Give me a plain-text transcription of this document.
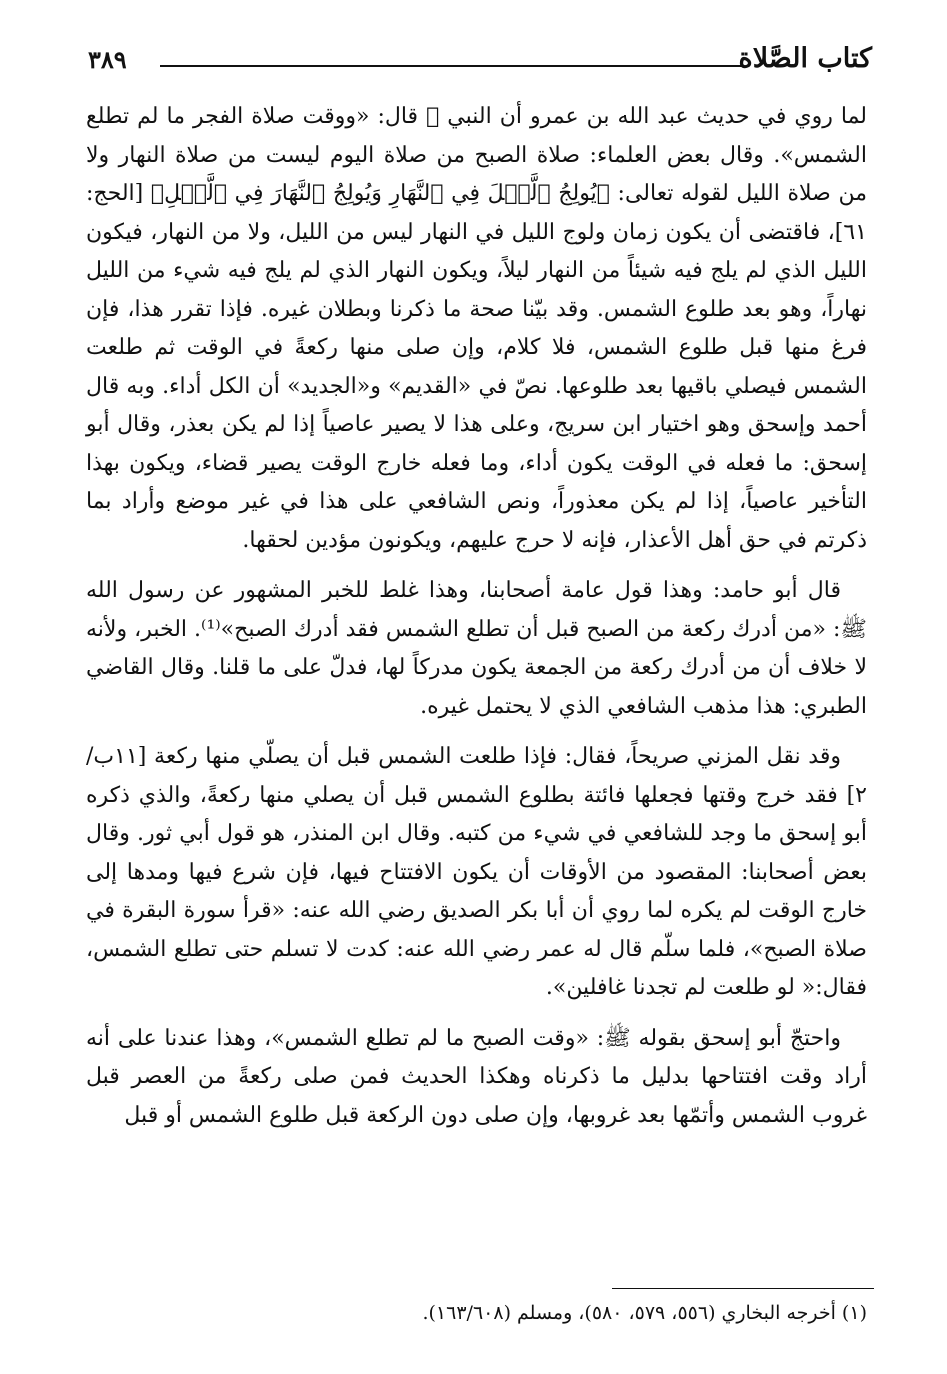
كتاب الصَّلاة
٣٨٩

لما روي في حديث عبد الله بن عمرو أن النبي ﷺ قال: «ووقت صلاة الفجر ما لم تطلع الشمس». وقال بعض العلماء: صلاة الصبح من صلاة اليوم ليست من صلاة النهار ولا من صلاة الليل لقوله تعالى: ﴿يُولِجُ ٱلَّيۡلَ فِي ٱلنَّهَارِ وَيُولِجُ ٱلنَّهَارَ فِي ٱلَّيۡلِ﴾ [الحج: ٦١]، فاقتضى أن يكون زمان ولوج الليل في النهار ليس من الليل، ولا من النهار، فيكون الليل الذي لم يلج فيه شيئاً من النهار ليلاً، ويكون النهار الذي لم يلج فيه شيء من الليل نهاراً، وهو بعد طلوع الشمس. وقد بيّنا صحة ما ذكرنا وبطلان غيره. فإذا تقرر هذا، فإن فرغ منها قبل طلوع الشمس، فلا كلام، وإن صلى منها ركعةً في الوقت ثم طلعت الشمس فيصلي باقيها بعد طلوعها. نصّ في «القديم» و«الجديد» أن الكل أداء. وبه قال أحمد وإسحق وهو اختيار ابن سريج، وعلى هذا لا يصير عاصياً إذا لم يكن بعذر، وقال أبو إسحق: ما فعله في الوقت يكون أداء، وما فعله خارج الوقت يصير قضاء، ويكون بهذا التأخير عاصياً، إذا لم يكن معذوراً، ونص الشافعي على هذا في غير موضع وأراد بما ذكرتم في حق أهل الأعذار، فإنه لا حرج عليهم، ويكونون مؤدين لحقها.

قال أبو حامد: وهذا قول عامة أصحابنا، وهذا غلط للخبر المشهور عن رسول الله ﷺ: «من أدرك ركعة من الصبح قبل أن تطلع الشمس فقد أدرك الصبح»⁽¹⁾. الخبر، ولأنه لا خلاف أن من أدرك ركعة من الجمعة يكون مدركاً لها، فدلّ على ما قلنا. وقال القاضي الطبري: هذا مذهب الشافعي الذي لا يحتمل غيره.

وقد نقل المزني صريحاً، فقال: فإذا طلعت الشمس قبل أن يصلّي منها ركعة [١١ب/٢] فقد خرج وقتها فجعلها فائتة بطلوع الشمس قبل أن يصلي منها ركعةً، والذي ذكره أبو إسحق ما وجد للشافعي في شيء من كتبه. وقال ابن المنذر، هو قول أبي ثور. وقال بعض أصحابنا: المقصود من الأوقات أن يكون الافتتاح فيها، فإن شرع فيها ومدها إلى خارج الوقت لم يكره لما روي أن أبا بكر الصديق رضي الله عنه: «قرأ سورة البقرة في صلاة الصبح»، فلما سلّم قال له عمر رضي الله عنه: كدت لا تسلم حتى تطلع الشمس، فقال:« لو طلعت لم تجدنا غافلين».

واحتجّ أبو إسحق بقوله ﷺ: «وقت الصبح ما لم تطلع الشمس»، وهذا عندنا على أنه أراد وقت افتتاحها بدليل ما ذكرناه وهكذا الحديث فمن صلى ركعةً من العصر قبل غروب الشمس وأتمّها بعد غروبها، وإن صلى دون الركعة قبل طلوع الشمس أو قبل

(١) أخرجه البخاري (٥٥٦، ٥٧٩، ٥٨٠)، ومسلم (١٦٣/٦٠٨).
